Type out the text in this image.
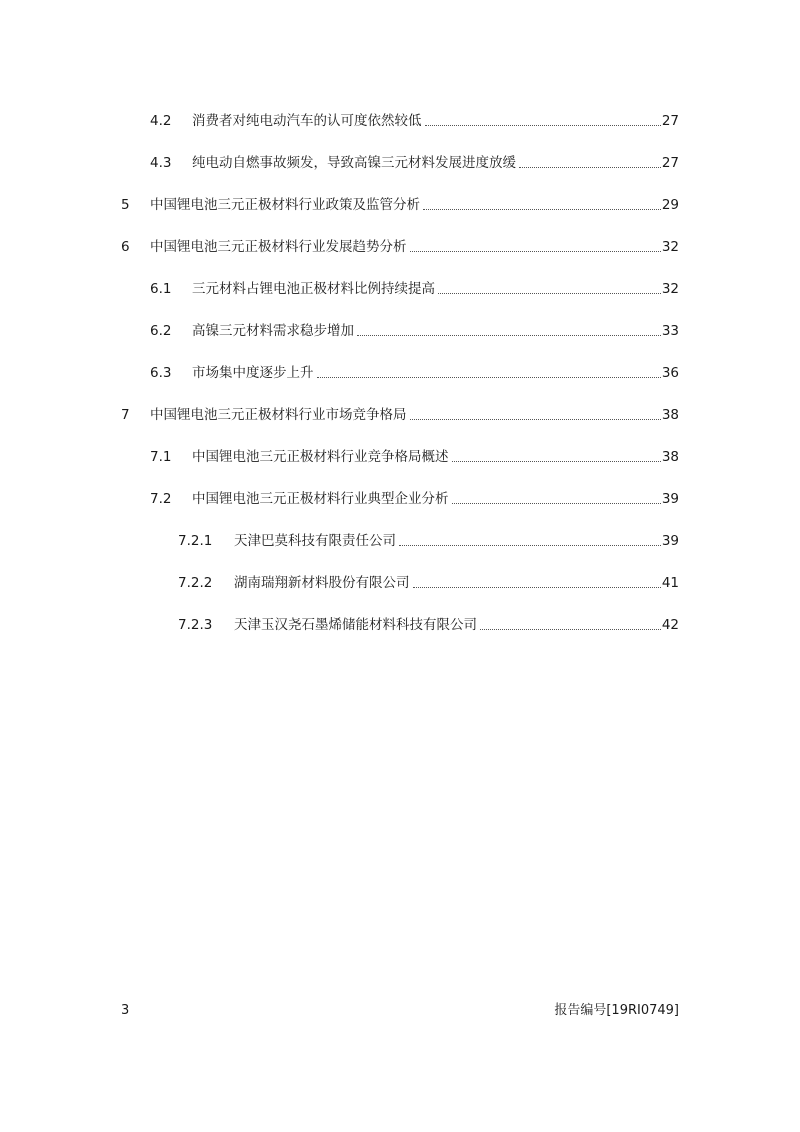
4.2	消费者对纯电动汽车的认可度依然较低	27
4.3	纯电动自燃事故频发，导致高镍三元材料发展进度放缓	27
5	中国锂电池三元正极材料行业政策及监管分析	29
6	中国锂电池三元正极材料行业发展趋势分析	32
6.1	三元材料占锂电池正极材料比例持续提高	32
6.2	高镍三元材料需求稳步增加	33
6.3	市场集中度逐步上升	36
7	中国锂电池三元正极材料行业市场竞争格局	38
7.1	中国锂电池三元正极材料行业竞争格局概述	38
7.2	中国锂电池三元正极材料行业典型企业分析	39
7.2.1	天津巴莫科技有限责任公司	39
7.2.2	湖南瑞翔新材料股份有限公司	41
7.2.3	天津玉汉尧石墨烯储能材料科技有限公司	42
3	报告编号[19RI0749]
